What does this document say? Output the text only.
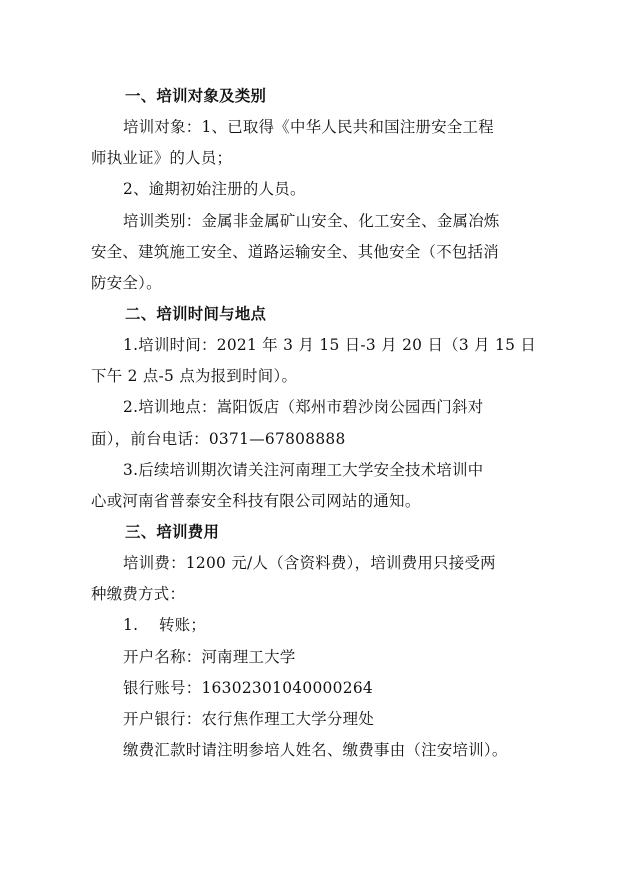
一、培训对象及类别
培训对象：1、已取得《中华人民共和国注册安全工程
师执业证》的人员；
2、逾期初始注册的人员。
培训类别：金属非金属矿山安全、化工安全、金属冶炼
安全、建筑施工安全、道路运输安全、其他安全（不包括消
防安全）。
二、培训时间与地点
1.培训时间：2021 年 3 月 15 日-3 月 20 日（3 月 15 日
下午 2 点-5 点为报到时间）。
2.培训地点：嵩阳饭店（郑州市碧沙岗公园西门斜对
面），前台电话：0371—67808888
3.后续培训期次请关注河南理工大学安全技术培训中
心或河南省普泰安全科技有限公司网站的通知。
三、培训费用
培训费：1200 元/人（含资料费），培训费用只接受两
种缴费方式：
1.    转账；
开户名称：河南理工大学
银行账号：16302301040000264
开户银行：农行焦作理工大学分理处
缴费汇款时请注明参培人姓名、缴费事由（注安培训）。
